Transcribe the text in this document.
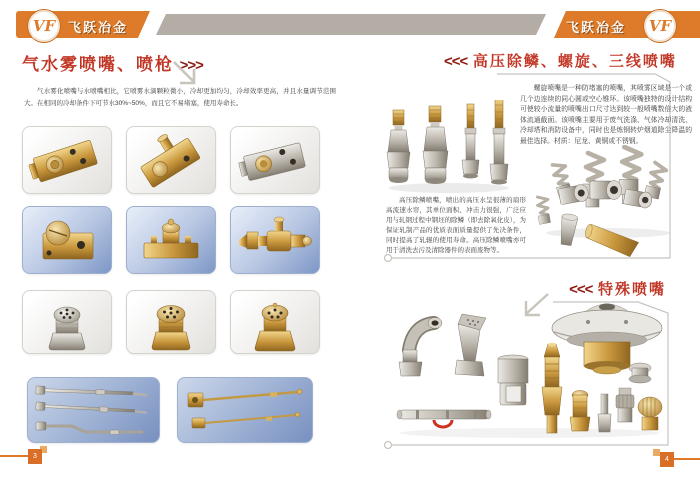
VF
飞跃
飞跃冶金
气水雾喷嘴、喷枪 >>>

气水雾化喷嘴与水喷嘴相比，它喷雾水滴颗粒微小，冷却更加均匀，冷却效率更高，并且水量调节范围大。在相同的冷却条件下可节水30%~50%，而且它不易堵塞，使用寿命长。

3
飞跃冶金 VF
飞跃
<<< 高压除鳞、螺旋、三线喷嘴

螺旋喷嘴是一种防堵塞的喷嘴，其喷雾区域是一个或几个边连续的同心圆或空心锥环。该喷嘴独特的设计结构可使较小流量的喷嘴出口尺寸达到较一般喷嘴数倍大的液体流通截面。该喷嘴主要用于废气洗涤、气体冷却清洗、冷却塔和消防设备中，同时也是炼钢转炉烟道除尘降温的最佳选择。材质：尼龙、黄铜或不锈钢。

高压除鳞喷嘴，喷出的高压水呈很薄的扇形高流速水帘，其单位面积、冲击力很强，广泛应用与轧钢过程中钢坯的除鳞（即去除氧化皮），为保证轧制产品的优质表面质量提供了先决条件，同时提高了轧辊的使用寿命。高压除鳞喷嘴亦可用于清洗去污及清除器件的表面废物等。

<<< 特殊喷嘴
4
